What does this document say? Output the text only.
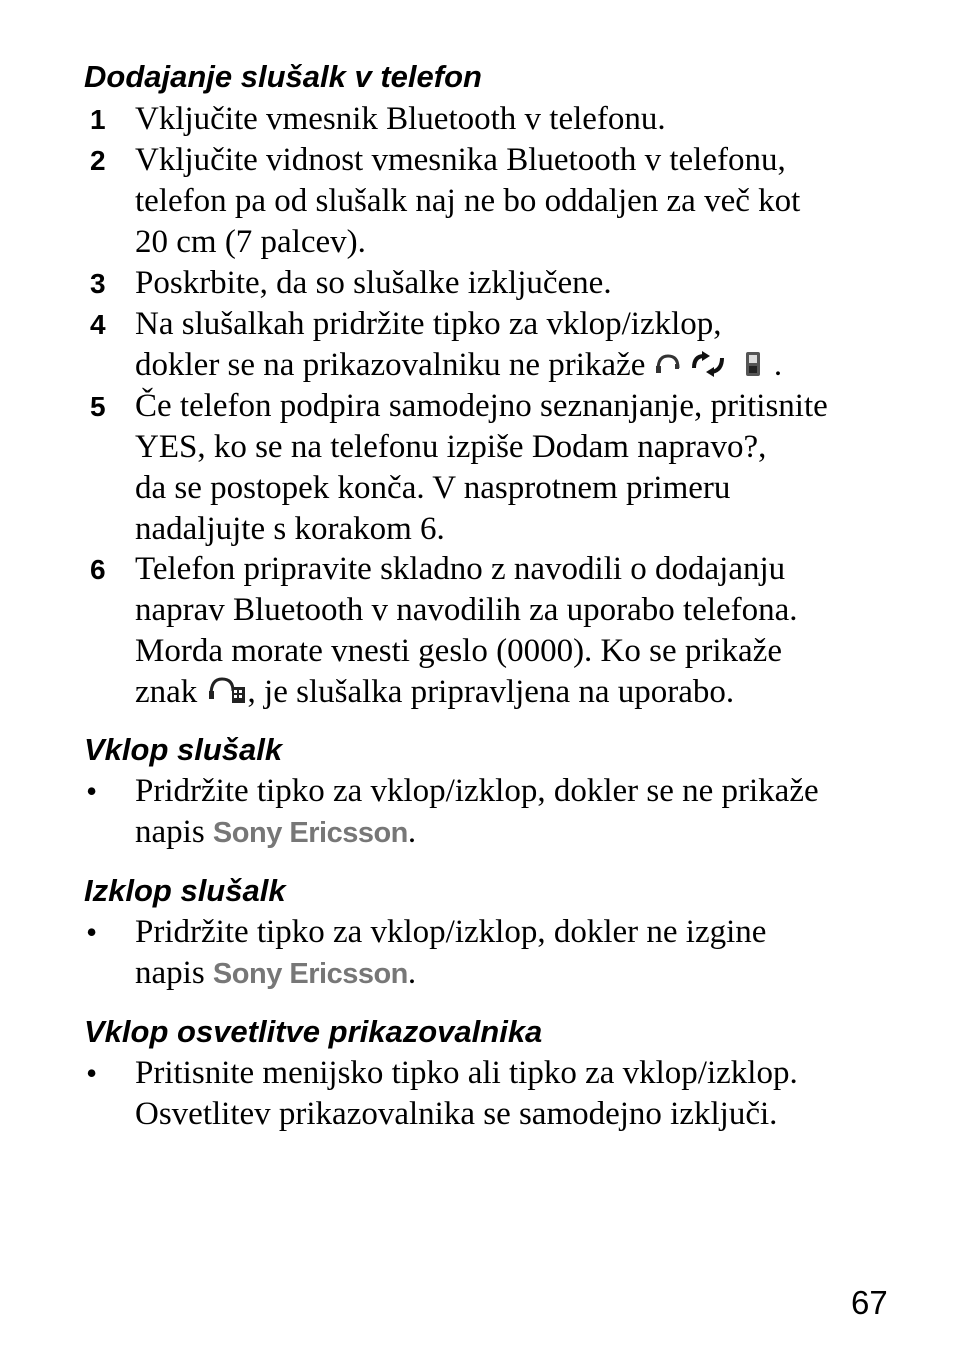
Dodajanje slušalk v telefon
1 Vključite vmesnik Bluetooth v telefonu.
2 Vključite vidnost vmesnika Bluetooth v telefonu,
telefon pa od slušalk naj ne bo oddaljen za več kot
20 cm (7 palcev).
3 Poskrbite, da so slušalke izključene.
4 Na slušalkah pridržite tipko za vklop/izklop,
dokler se na prikazovalniku ne prikaže	.
5 Če telefon podpira samodejno seznanjanje, pritisnite
YES, ko se na telefonu izpiše Dodam napravo?,
da se postopek konča. V nasprotnem primeru
nadaljujte s korakom 6.
6 Telefon pripravite skladno z navodili o dodajanju
naprav Bluetooth v navodilih za uporabo telefona.
Morda morate vnesti geslo (0000). Ko se prikaže
znak , je slušalka pripravljena na uporabo.
Vklop slušalk
• Pridržite tipko za vklop/izklop, dokler se ne prikaže
napis Sony Ericsson.
Izklop slušalk
• Pridržite tipko za vklop/izklop, dokler ne izgine
napis Sony Ericsson.
Vklop osvetlitve prikazovalnika
• Pritisnite menijsko tipko ali tipko za vklop/izklop.
Osvetlitev prikazovalnika se samodejno izključi.
67
